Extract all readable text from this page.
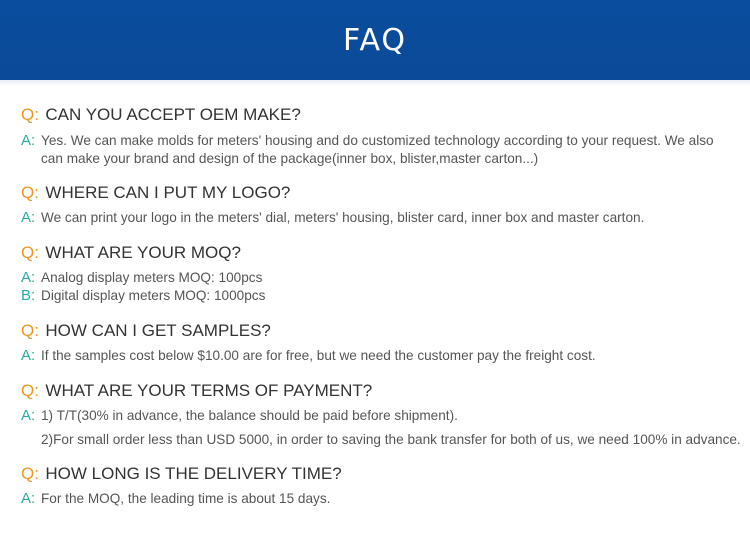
FAQ
Q: CAN YOU ACCEPT OEM MAKE?
A: Yes. We can make molds for meters' housing and do customized technology according to your request. We also
can make your brand and design of the package(inner box, blister,master carton...)
Q: WHERE CAN I PUT MY LOGO?
A: We can print your logo in the meters' dial, meters' housing, blister card, inner box and master carton.
Q: WHAT ARE YOUR MOQ?
A: Analog display meters MOQ: 100pcs
B: Digital display meters MOQ: 1000pcs
Q: HOW CAN I GET SAMPLES?
A: If the samples cost below $10.00 are for free, but we need the customer pay the freight cost.
Q: WHAT ARE YOUR TERMS OF PAYMENT?
A: 1) T/T(30% in advance, the balance should be paid before shipment).
2)For small order less than USD 5000, in order to saving the bank transfer for both of us, we need 100% in advance.
Q: HOW LONG IS THE DELIVERY TIME?
A: For the MOQ, the leading time is about 15 days.
